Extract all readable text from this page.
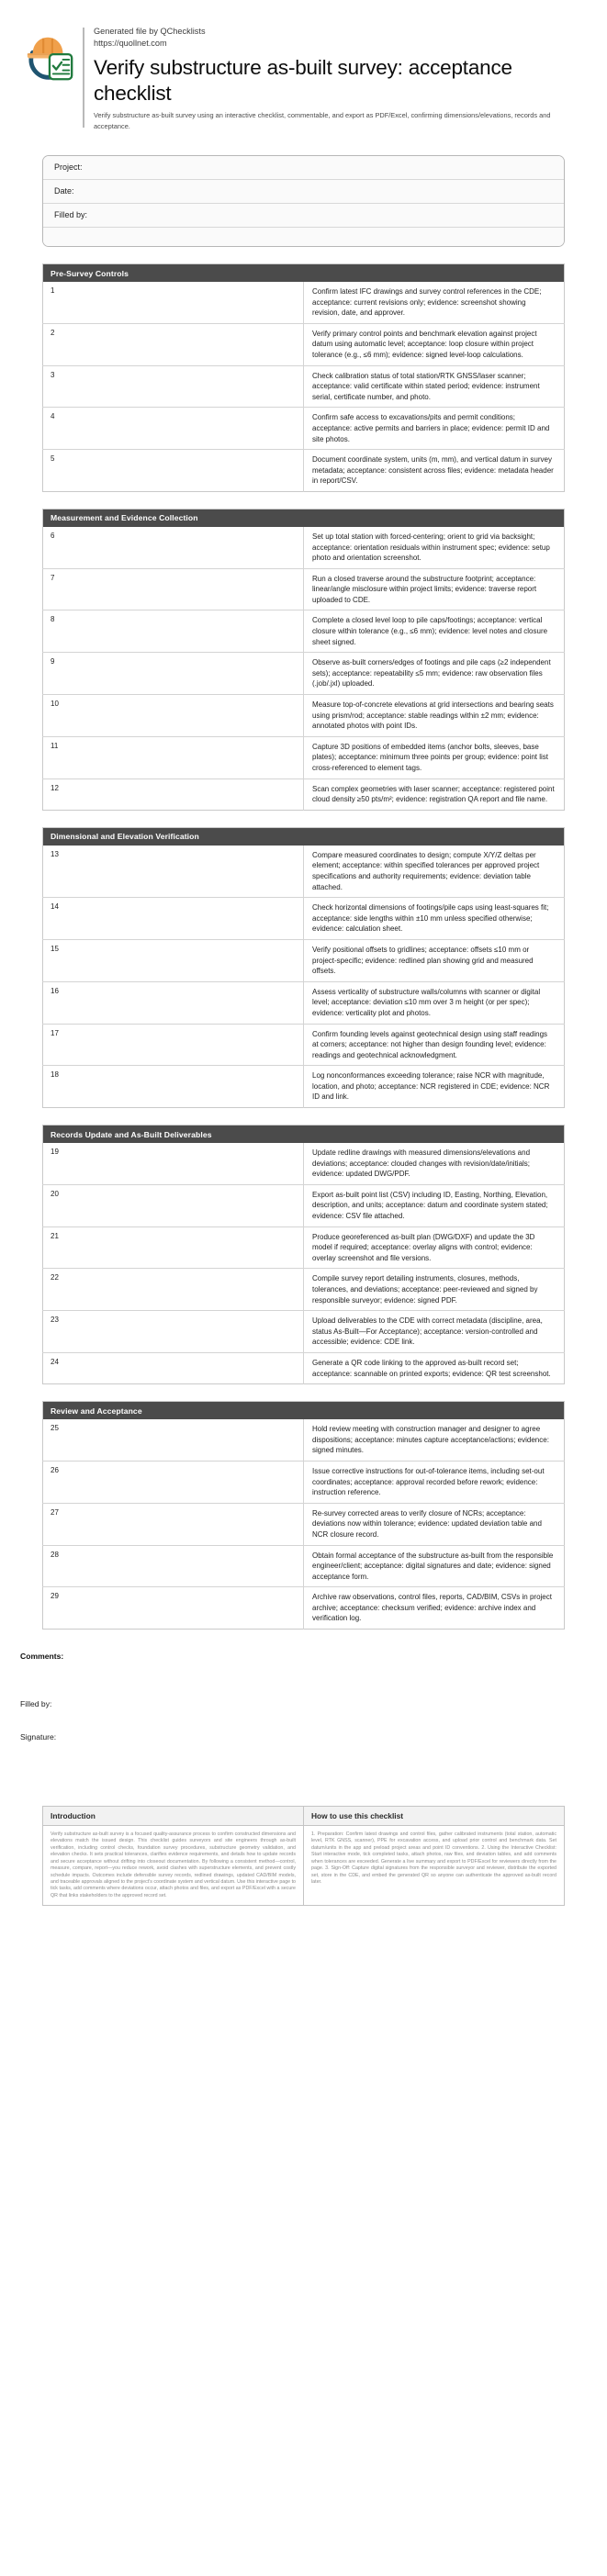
Generated file by QChecklists
https://quollnet.com
Verify substructure as-built survey: acceptance checklist
Verify substructure as-built survey using an interactive checklist, commentable, and export as PDF/Excel, confirming dimensions/elevations, records and acceptance.
Project:
Date:
Filled by:
Pre-Survey Controls	
1	Confirm latest IFC drawings and survey control references in the CDE; acceptance: current revisions only; evidence: screenshot showing revision, date, and approver.
2	Verify primary control points and benchmark elevation against project datum using automatic level; acceptance: loop closure within project tolerance (e.g., ≤6 mm); evidence: signed level-loop calculations.
3	Check calibration status of total station/RTK GNSS/laser scanner; acceptance: valid certificate within stated period; evidence: instrument serial, certificate number, and photo.
4	Confirm safe access to excavations/pits and permit conditions; acceptance: active permits and barriers in place; evidence: permit ID and site photos.
5	Document coordinate system, units (m, mm), and vertical datum in survey metadata; acceptance: consistent across files; evidence: metadata header in report/CSV.
Measurement and Evidence Collection	
6	Set up total station with forced-centering; orient to grid via backsight; acceptance: orientation residuals within instrument spec; evidence: setup photo and orientation screenshot.
7	Run a closed traverse around the substructure footprint; acceptance: linear/angle misclosure within project limits; evidence: traverse report uploaded to CDE.
8	Complete a closed level loop to pile caps/footings; acceptance: vertical closure within tolerance (e.g., ≤6 mm); evidence: level notes and closure sheet signed.
9	Observe as-built corners/edges of footings and pile caps (≥2 independent sets); acceptance: repeatability ≤5 mm; evidence: raw observation files (.job/.jxl) uploaded.
10	Measure top-of-concrete elevations at grid intersections and bearing seats using prism/rod; acceptance: stable readings within ±2 mm; evidence: annotated photos with point IDs.
11	Capture 3D positions of embedded items (anchor bolts, sleeves, base plates); acceptance: minimum three points per group; evidence: point list cross-referenced to element tags.
12	Scan complex geometries with laser scanner; acceptance: registered point cloud density ≥50 pts/m²; evidence: registration QA report and file name.
Dimensional and Elevation Verification	
13	Compare measured coordinates to design; compute X/Y/Z deltas per element; acceptance: within specified tolerances per approved project specifications and authority requirements; evidence: deviation table attached.
14	Check horizontal dimensions of footings/pile caps using least-squares fit; acceptance: side lengths within ±10 mm unless specified otherwise; evidence: calculation sheet.
15	Verify positional offsets to gridlines; acceptance: offsets ≤10 mm or project-specific; evidence: redlined plan showing grid and measured offsets.
16	Assess verticality of substructure walls/columns with scanner or digital level; acceptance: deviation ≤10 mm over 3 m height (or per spec); evidence: verticality plot and photos.
17	Confirm founding levels against geotechnical design using staff readings at corners; acceptance: not higher than design founding level; evidence: readings and geotechnical acknowledgment.
18	Log nonconformances exceeding tolerance; raise NCR with magnitude, location, and photo; acceptance: NCR registered in CDE; evidence: NCR ID and link.
Records Update and As-Built Deliverables	
19	Update redline drawings with measured dimensions/elevations and deviations; acceptance: clouded changes with revision/date/initials; evidence: updated DWG/PDF.
20	Export as-built point list (CSV) including ID, Easting, Northing, Elevation, description, and units; acceptance: datum and coordinate system stated; evidence: CSV file attached.
21	Produce georeferenced as-built plan (DWG/DXF) and update the 3D model if required; acceptance: overlay aligns with control; evidence: overlay screenshot and file versions.
22	Compile survey report detailing instruments, closures, methods, tolerances, and deviations; acceptance: peer-reviewed and signed by responsible surveyor; evidence: signed PDF.
23	Upload deliverables to the CDE with correct metadata (discipline, area, status As-Built—For Acceptance); acceptance: version-controlled and accessible; evidence: CDE link.
24	Generate a QR code linking to the approved as-built record set; acceptance: scannable on printed exports; evidence: QR test screenshot.
Review and Acceptance	
25	Hold review meeting with construction manager and designer to agree dispositions; acceptance: minutes capture acceptance/actions; evidence: signed minutes.
26	Issue corrective instructions for out-of-tolerance items, including set-out coordinates; acceptance: approval recorded before rework; evidence: instruction reference.
27	Re-survey corrected areas to verify closure of NCRs; acceptance: deviations now within tolerance; evidence: updated deviation table and NCR closure record.
28	Obtain formal acceptance of the substructure as-built from the responsible engineer/client; acceptance: digital signatures and date; evidence: signed acceptance form.
29	Archive raw observations, control files, reports, CAD/BIM, CSVs in project archive; acceptance: checksum verified; evidence: archive index and verification log.
Comments:
Filled by:
Signature:
Introduction	How to use this checklist
Verify substructure as-built survey is a focused quality-assurance process to confirm constructed dimensions and elevations match the issued design. This checklist guides surveyors and site engineers through as-built verification, including control checks, foundation survey procedures, substructure geometry validation, and elevation checks. It sets practical tolerances, clarifies evidence requirements, and details how to update records and secure acceptance without drifting into closeout documentation. By following a consistent method—control, measure, compare, report—you reduce rework, avoid clashes with superstructure elements, and prevent costly schedule impacts. Outcomes include defensible survey records, redlined drawings, updated CAD/BIM models, and traceable approvals aligned to the project's coordinate system and vertical datum. Use this interactive page to tick tasks, add comments where deviations occur, attach photos and files, and export as PDF/Excel with a secure QR that links stakeholders to the approved record set.	1. Preparation: Confirm latest drawings and control files, gather calibrated instruments (total station, automatic level, RTK GNSS, scanner), PPE for excavation access, and upload prior control and benchmark data. Set datum/units in the app and preload project areas and point ID conventions. 2. Using the Interactive Checklist: Start interactive mode, tick completed tasks, attach photos, raw files, and deviation tables, and add comments when tolerances are exceeded. Generate a live summary and export to PDF/Excel for reviewers directly from the page. 3. Sign-Off: Capture digital signatures from the responsible surveyor and reviewer, distribute the exported set, store in the CDE, and embed the generated QR so anyone can authenticate the approved as-built record later.
